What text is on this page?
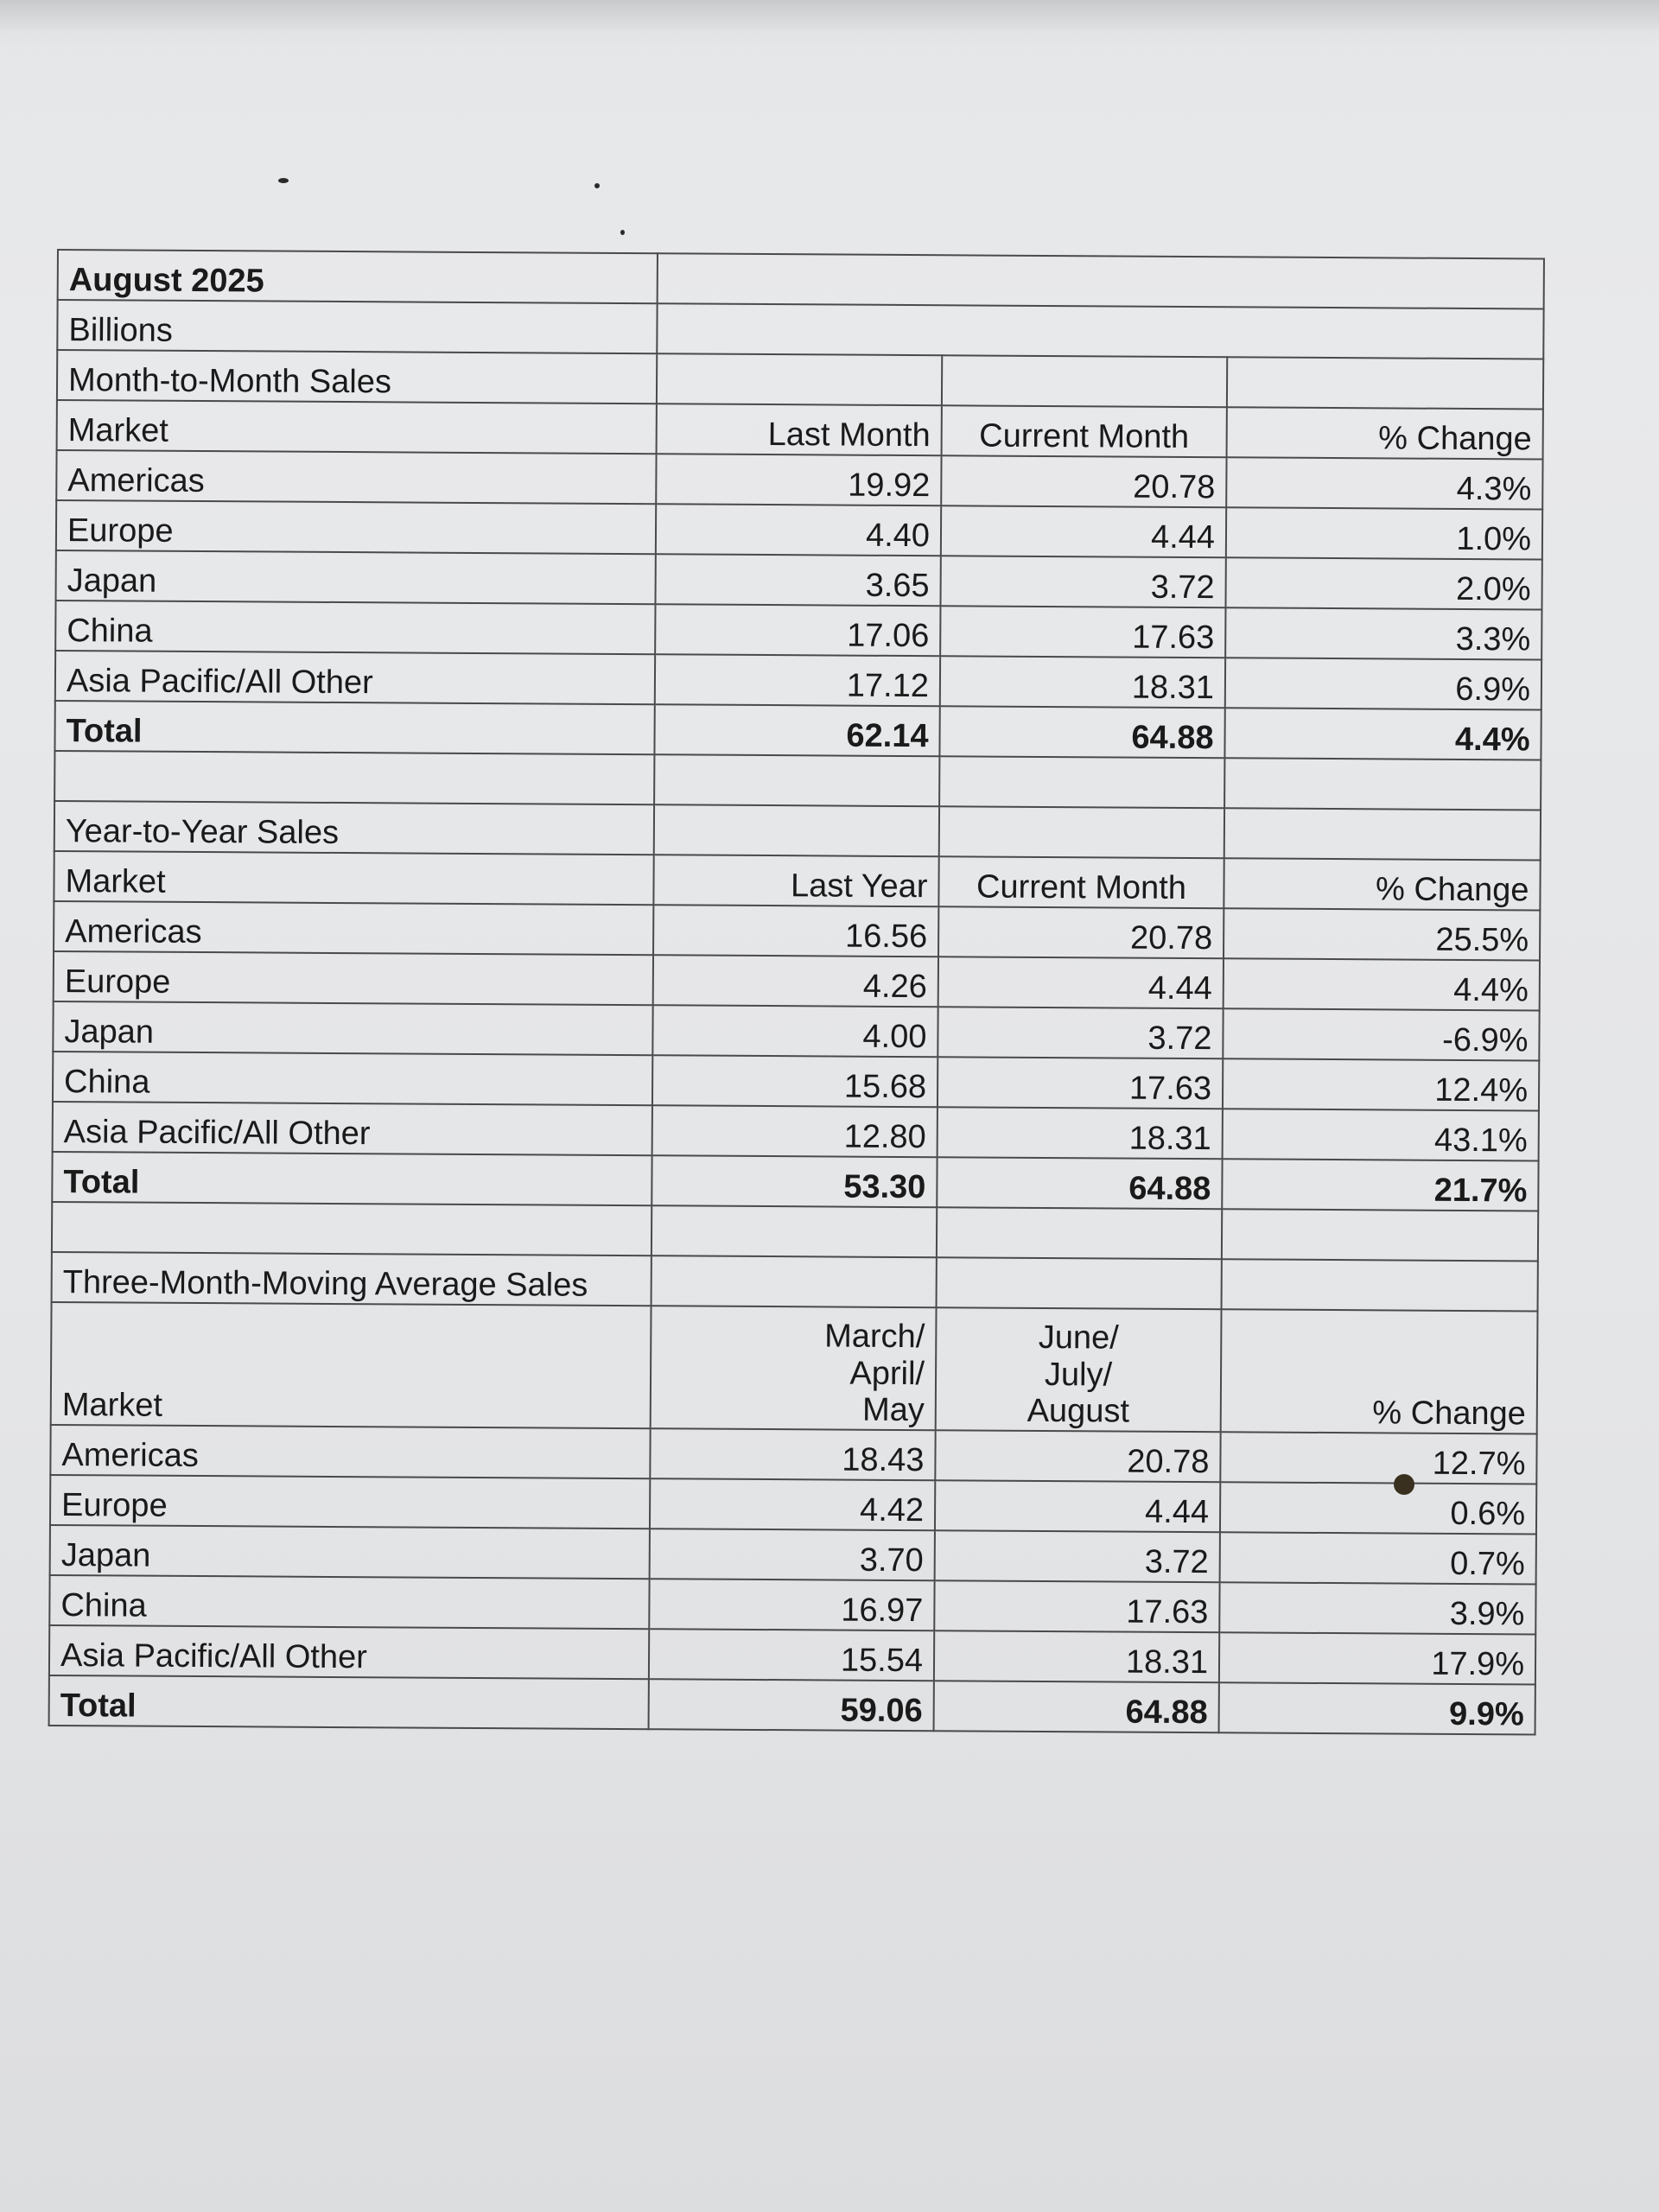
August 2025			
Billions			
Month-to-Month Sales			
Market	Last Month	Current Month	% Change
Americas	19.92	20.78	4.3%
Europe	4.40	4.44	1.0%
Japan	3.65	3.72	2.0%
China	17.06	17.63	3.3%
Asia Pacific/All Other	17.12	18.31	6.9%
Total	62.14	64.88	4.4%

Year-to-Year Sales			
Market	Last Year	Current Month	% Change
Americas	16.56	20.78	25.5%
Europe	4.26	4.44	4.4%
Japan	4.00	3.72	-6.9%
China	15.68	17.63	12.4%
Asia Pacific/All Other	12.80	18.31	43.1%
Total	53.30	64.88	21.7%

Three-Month-Moving Average Sales			
Market	March/
April/
May	June/
July/
August	% Change
Americas	18.43	20.78	12.7%
Europe	4.42	4.44	0.6%
Japan	3.70	3.72	0.7%
China	16.97	17.63	3.9%
Asia Pacific/All Other	15.54	18.31	17.9%
Total	59.06	64.88	9.9%
